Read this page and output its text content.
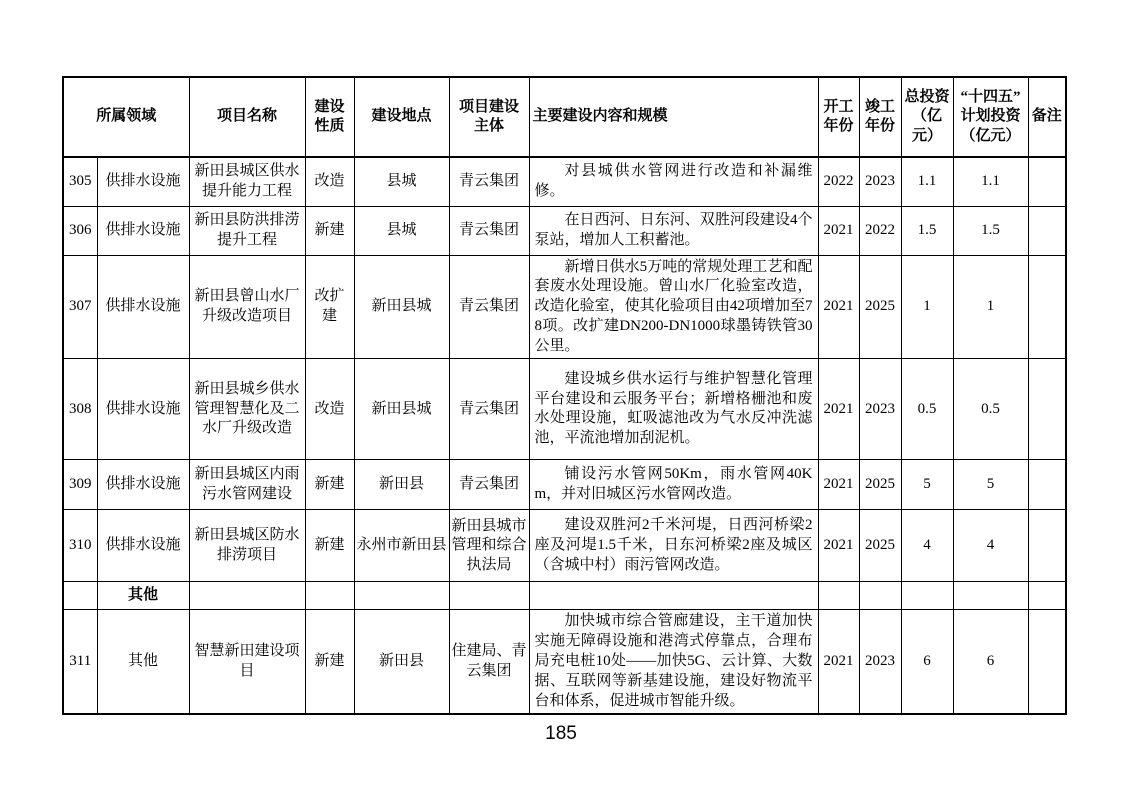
所属领域		项目名称	建设性质	建设地点	项目建设主体	主要建设内容和规模	开工年份	竣工年份	总投资（亿元）	“十四五”计划投资（亿元）	备注
305	供排水设施	新田县城区供水提升能力工程	改造	县城	青云集团	对县城供水管网进行改造和补漏维修。	2022	2023	1.1	1.1	
306	供排水设施	新田县防洪排涝提升工程	新建	县城	青云集团	在日西河、日东河、双胜河段建设4个泵站，增加人工积蓄池。	2021	2022	1.5	1.5	
307	供排水设施	新田县曾山水厂升级改造项目	改扩建	新田县城	青云集团	新增日供水5万吨的常规处理工艺和配套废水处理设施。曾山水厂化验室改造，改造化验室，使其化验项目由42项增加至78项。改扩建DN200-DN1000球墨铸铁管30公里。	2021	2025	1	1	
308	供排水设施	新田县城乡供水管理智慧化及二水厂升级改造	改造	新田县城	青云集团	建设城乡供水运行与维护智慧化管理平台建设和云服务平台；新增格栅池和废水处理设施，虹吸滤池改为气水反冲洗滤池，平流池增加刮泥机。	2021	2023	0.5	0.5	
309	供排水设施	新田县城区内雨污水管网建设	新建	新田县	青云集团	铺设污水管网50Km，雨水管网40Km，并对旧城区污水管网改造。	2021	2025	5	5	
310	供排水设施	新田县城区防水排涝项目	新建	永州市新田县	新田县城市管理和综合执法局	建设双胜河2千米河堤，日西河桥梁2座及河堤1.5千米，日东河桥梁2座及城区（含城中村）雨污管网改造。	2021	2025	4	4	
	其他										
311	其他	智慧新田建设项目	新建	新田县	住建局、青云集团	加快城市综合管廊建设，主干道加快实施无障碍设施和港湾式停靠点，合理布局充电桩10处——加快5G、云计算、大数据、互联网等新基建设施，建设好物流平台和体系，促进城市智能升级。	2021	2023	6	6	
185
